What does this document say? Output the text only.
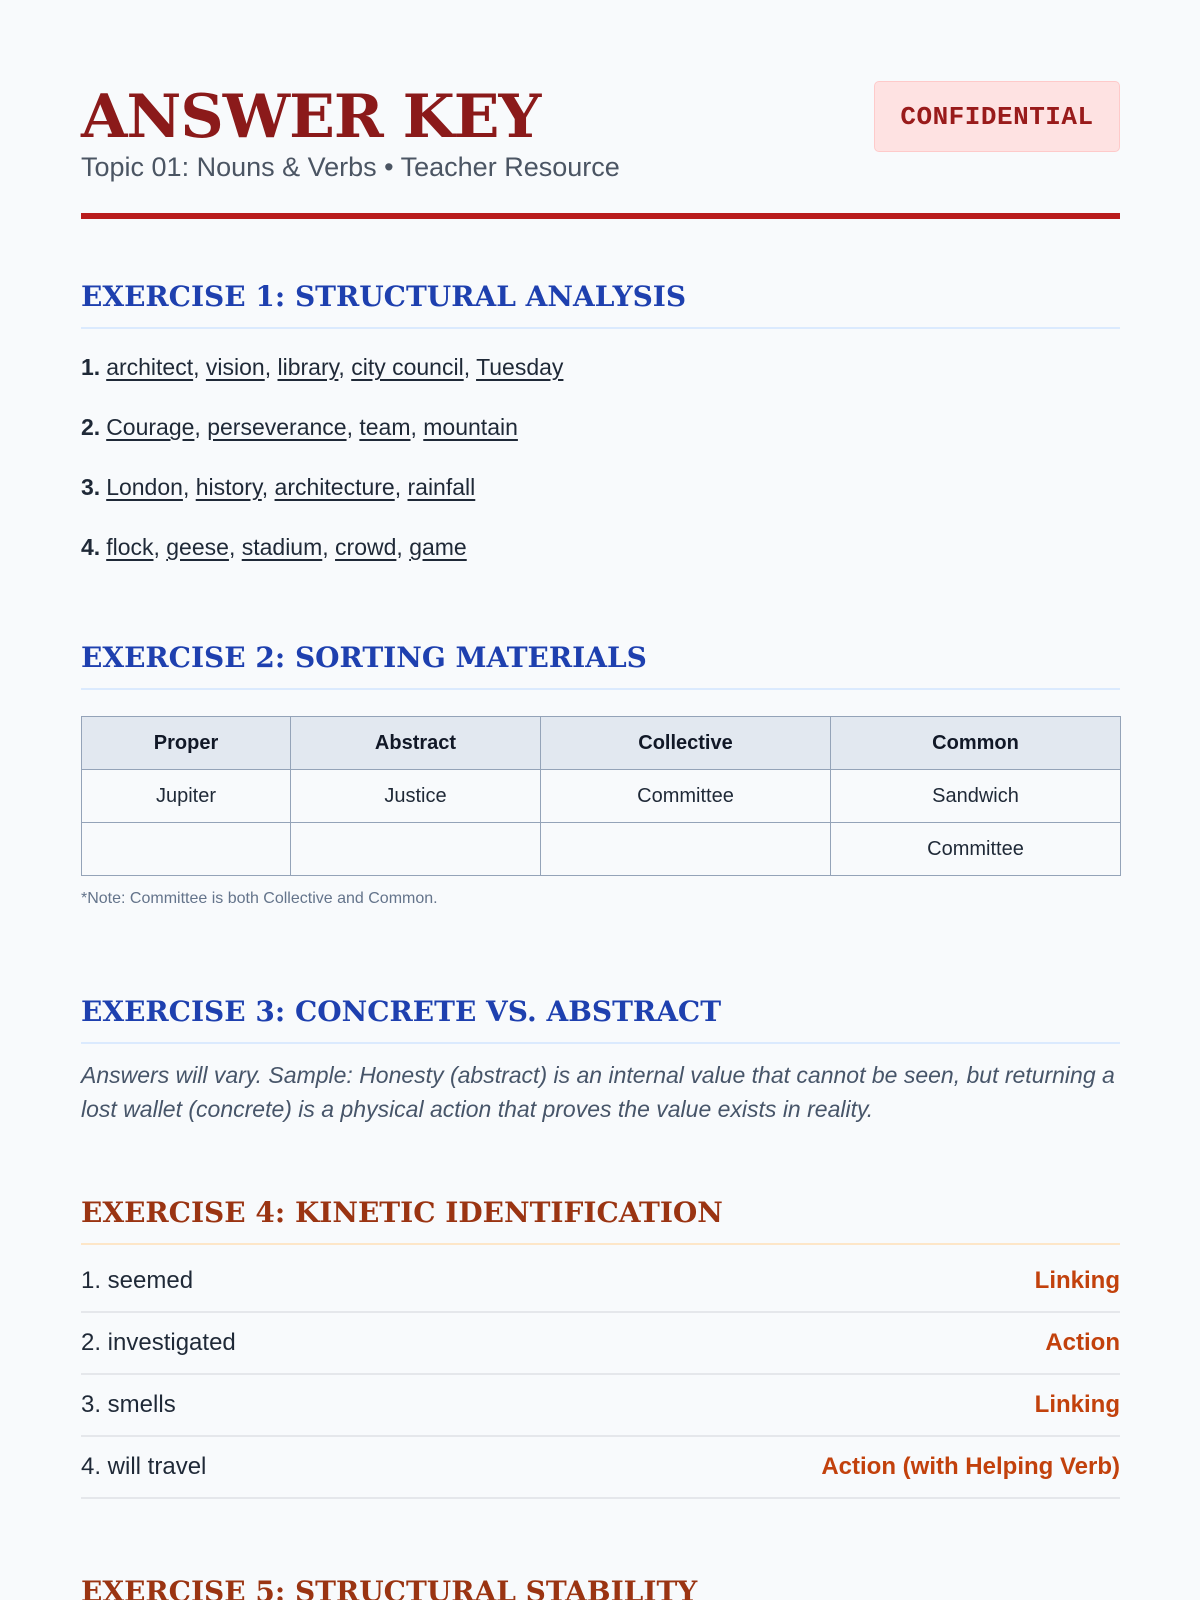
ANSWER KEY
Topic 01: Nouns & Verbs • Teacher Resource
CONFIDENTIAL
EXERCISE 1: STRUCTURAL ANALYSIS
1. architect, vision, library, city council, Tuesday
2. Courage, perseverance, team, mountain
3. London, history, architecture, rainfall
4. flock, geese, stadium, crowd, game
EXERCISE 2: SORTING MATERIALS
Proper	Abstract	Collective	Common
Jupiter	Justice	Committee	Sandwich
			Committee
*Note: Committee is both Collective and Common.
EXERCISE 3: CONCRETE VS. ABSTRACT
Answers will vary. Sample: Honesty (abstract) is an internal value that cannot be seen, but returning a lost wallet (concrete) is a physical action that proves the value exists in reality.
EXERCISE 4: KINETIC IDENTIFICATION
1. seemed	Linking
2. investigated	Action
3. smells	Linking
4. will travel	Action (with Helping Verb)
EXERCISE 5: STRUCTURAL STABILITY
